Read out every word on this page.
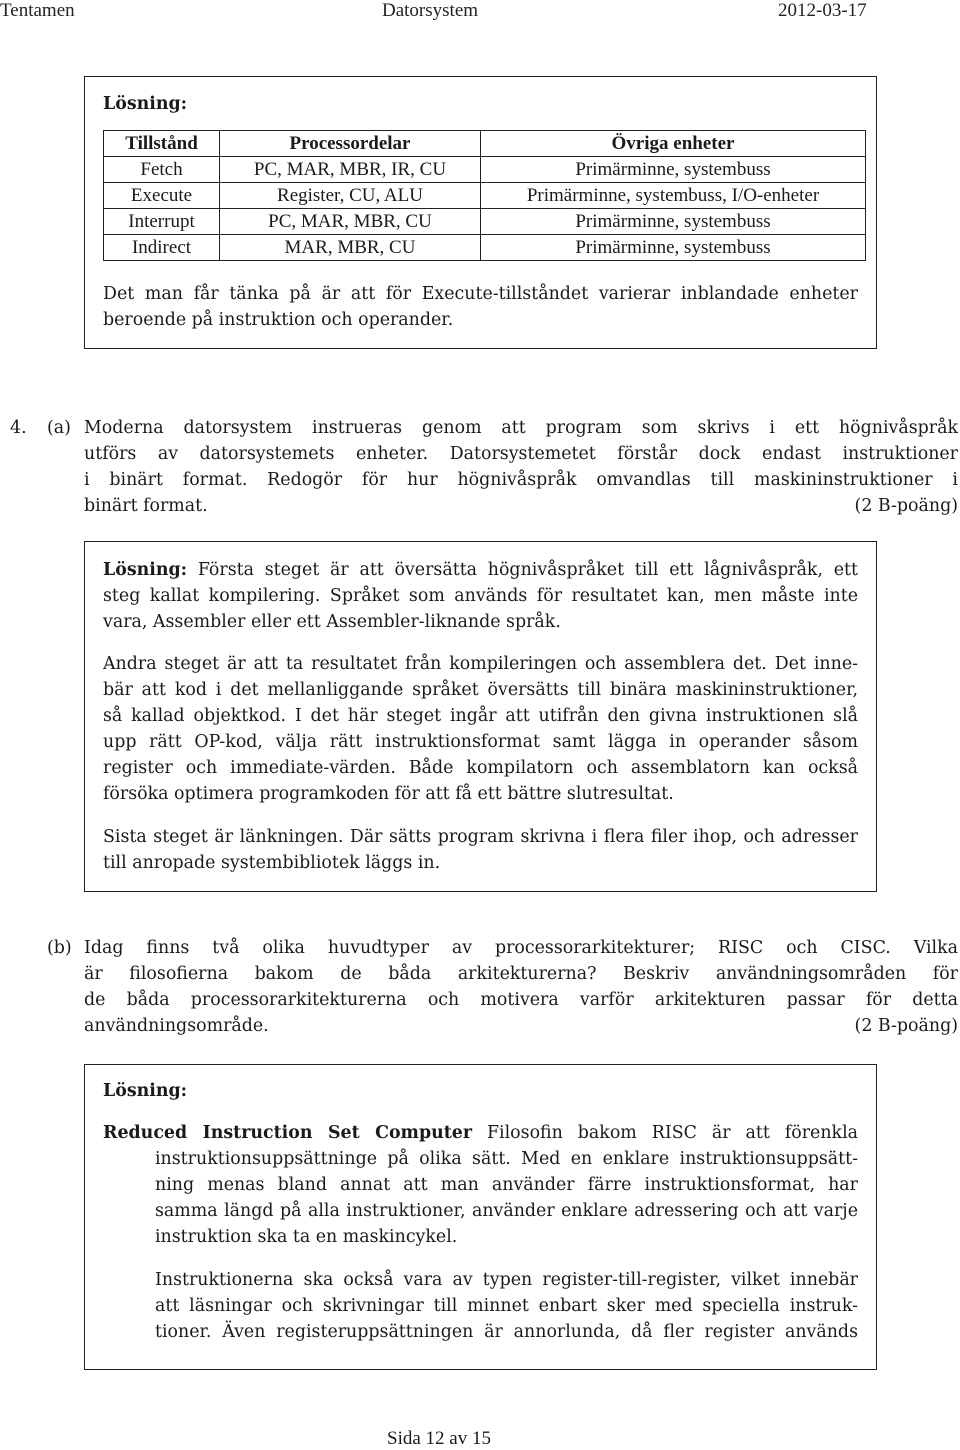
Tentamen	Datorsystem	2012-03-17
Lösning:
Tillstånd	Processordelar	Övriga enheter
Fetch	PC, MAR, MBR, IR, CU	Primärminne, systembuss
Execute	Register, CU, ALU	Primärminne, systembuss, I/O-enheter
Interrupt	PC, MAR, MBR, CU	Primärminne, systembuss
Indirect	MAR, MBR, CU	Primärminne, systembuss
Det man får tänka på är att för Execute-tillståndet varierar inblandade enheter
beroende på instruktion och operander.
4. (a) Moderna datorsystem instrueras genom att program som skrivs i ett högnivåspråk
utförs av datorsystemets enheter. Datorsystemetet förstår dock endast instruktioner
i binärt format. Redogör för hur högnivåspråk omvandlas till maskininstruktioner i
binärt format.	(2 B-poäng)
Lösning: Första steget är att översätta högnivåspråket till ett lågnivåspråk, ett
steg kallat kompilering. Språket som används för resultatet kan, men måste inte
vara, Assembler eller ett Assembler-liknande språk.
Andra steget är att ta resultatet från kompileringen och assemblera det. Det inne-
bär att kod i det mellanliggande språket översätts till binära maskininstruktioner,
så kallad objektkod. I det här steget ingår att utifrån den givna instruktionen slå
upp rätt OP-kod, välja rätt instruktionsformat samt lägga in operander såsom
register och immediate-värden. Både kompilatorn och assemblatorn kan också
försöka optimera programkoden för att få ett bättre slutresultat.
Sista steget är länkningen. Där sätts program skrivna i flera filer ihop, och adresser
till anropade systembibliotek läggs in.
(b) Idag finns två olika huvudtyper av processorarkitekturer; RISC och CISC. Vilka
är filosofierna bakom de båda arkitekturerna? Beskriv användningsområden för
de båda processorarkitekturerna och motivera varför arkitekturen passar för detta
användningsområde.	(2 B-poäng)
Lösning:
Reduced Instruction Set Computer Filosofin bakom RISC är att förenkla
instruktionsuppsättninge på olika sätt. Med en enklare instruktionsuppsätt-
ning menas bland annat att man använder färre instruktionsformat, har
samma längd på alla instruktioner, använder enklare adressering och att varje
instruktion ska ta en maskincykel.
Instruktionerna ska också vara av typen register-till-register, vilket innebär
att läsningar och skrivningar till minnet enbart sker med speciella instruk-
tioner. Även registeruppsättningen är annorlunda, då fler register används
Sida 12 av 15
